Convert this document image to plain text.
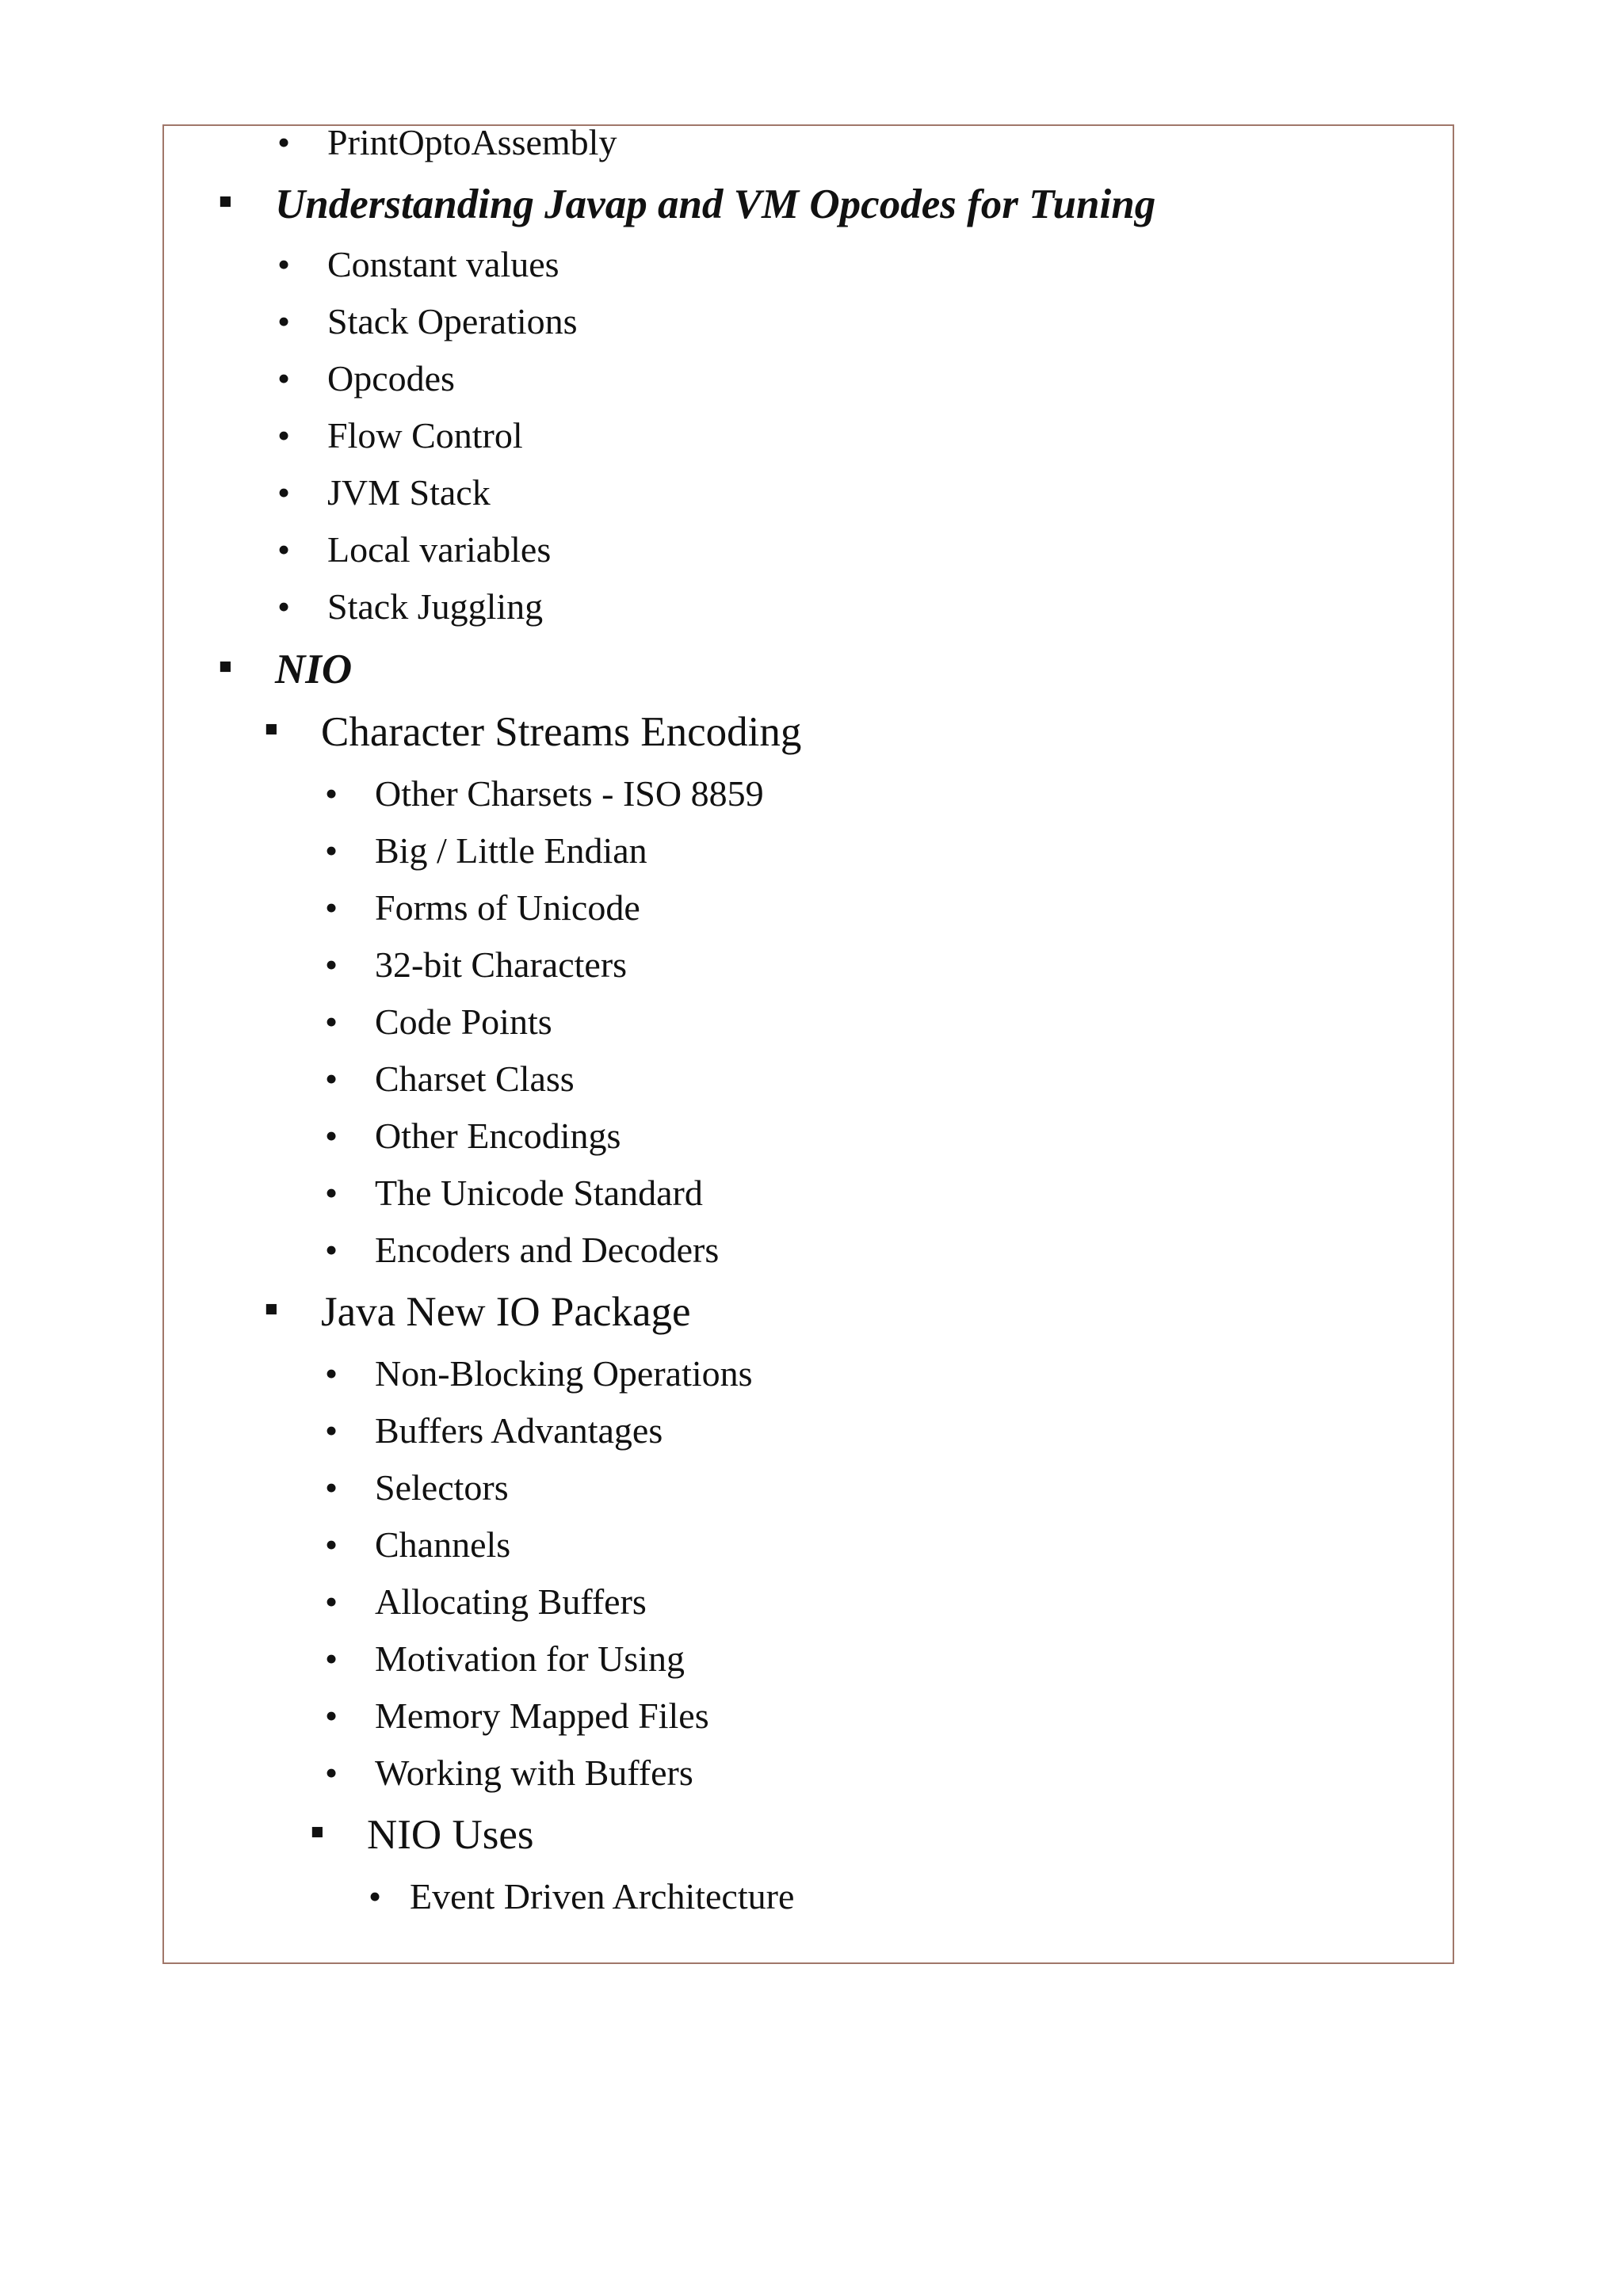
• PrintOptoAssembly
▪ Understanding Javap and VM Opcodes for Tuning
• Constant values
• Stack Operations
• Opcodes
• Flow Control
• JVM Stack
• Local variables
• Stack Juggling
▪ NIO
▪ Character Streams Encoding
• Other Charsets - ISO 8859
• Big / Little Endian
• Forms of Unicode
• 32-bit Characters
• Code Points
• Charset Class
• Other Encodings
• The Unicode Standard
• Encoders and Decoders
▪ Java New IO Package
• Non-Blocking Operations
• Buffers Advantages
• Selectors
• Channels
• Allocating Buffers
• Motivation for Using
• Memory Mapped Files
• Working with Buffers
▪ NIO Uses
• Event Driven Architecture
